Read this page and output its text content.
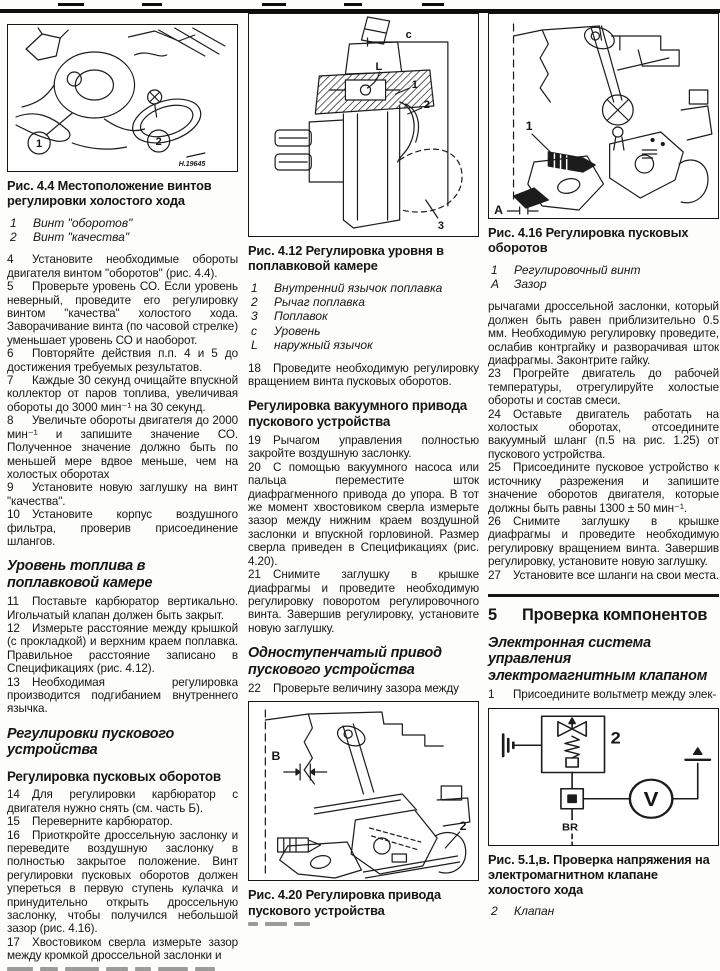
1	2
H.19645
Рис. 4.4 Местоположение винтов регулировки холостого хода
1	Винт "оборотов"
2	Винт "качества"

4 Установите необходимые обороты двигателя винтом "оборотов" (рис. 4.4).

5 Проверьте уровень СО. Если уровень неверный, проведите его регулировку винтом "качества" холостого хода. Заворачивание винта (по часовой стрелке) уменьшает уровень СО и наоборот.

6 Повторяйте действия п.п. 4 и 5 до достижения требуемых результатов.

7 Каждые 30 секунд очищайте впускной коллектор от паров топлива, увеличивая обороты до 3000 мин⁻¹ на 30 секунд.

8 Увеличьте обороты двигателя до 2000 мин⁻¹ и запишите значение СО. Полученное значение должно быть по меньшей мере вдвое меньше, чем на холостых оборотах

9 Установите новую заглушку на винт "качества".

10 Установите корпус воздушного фильтра, проверив присоединение шлангов.

Уровень топлива в поплавковой камере

11 Поставьте карбюратор вертикально. Игольчатый клапан должен быть закрыт.

12 Измерьте расстояние между крышкой (с прокладкой) и верхним краем поплавка. Правильное расстояние записано в Спецификациях (рис. 4.12).

13 Необходимая регулировка производится подгибанием внутреннего язычка.

Регулировки пускового устройства
Регулировка пусковых оборотов

14 Для регулировки карбюратор с двигателя нужно снять (см. часть Б).

15 Переверните карбюратор.

16 Приоткройте дроссельную заслонку и переведите воздушную заслонку в полностью закрытое положение. Винт регулировки пусковых оборотов должен упереться в первую ступень кулачка и принудительно открыть дроссельную заслонку, чтобы получился небольшой зазор (рис. 4.16).

17 Хвостовиком сверла измерьте зазор между кромкой дроссельной заслонки и

c
L
1
2
3
Рис. 4.12 Регулировка уровня в поплавковой камере
1	Внутренний язычок поплавка
2	Рычаг поплавка
3	Поплавок
c	Уровень
L	наружный язычок

18 Проведите необходимую регулировку вращением винта пусковых оборотов.

Регулировка вакуумного привода пускового устройства

19 Рычагом управления полностью закройте воздушную заслонку.

20 С помощью вакуумного насоса или пальца переместите шток диафрагменного привода до упора. В тот же момент хвостовиком сверла измерьте зазор между нижним краем воздушной заслонки и впускной горловиной. Размер сверла приведен в Спецификациях (рис. 4.20).

21 Снимите заглушку в крышке диафрагмы и проведите необходимую регулировку поворотом регулировочного винта. Завершив регулировку, установите новую заглушку.

Одноступенчатый привод пускового устройства

22 Проверьте величину зазора между

B
2
Рис. 4.20 Регулировка привода пускового устройства
1
А
Рис. 4.16 Регулировка пусковых оборотов
1	Регулировочный винт
А	Зазор

рычагами дроссельной заслонки, который должен быть равен приблизительно 0.5 мм. Необходимую регулировку проведите, ослабив контргайку и разворачивая шток диафрагмы. Законтрите гайку.

23 Прогрейте двигатель до рабочей температуры, отрегулируйте холостые обороты и состав смеси.

24 Оставьте двигатель работать на холостых оборотах, отсоедините вакуумный шланг (п.5 на рис. 1.25) от пускового устройства.

25 Присоедините пусковое устройство к источнику разрежения и запишите значение оборотов двигателя, которые должны быть равны 1300 ± 50 мин⁻¹.

26 Снимите заглушку в крышке диафрагмы и проведите необходимую регулировку вращением винта. Завершив регулировку, установите новую заглушку.

27 Установите все шланги на свои места.

5	Проверка компонентов
Электронная система управления электромагнитным клапаном

1 Присоедините вольтметр между элек-

2
V
BR
Рис. 5.1,в. Проверка напряжения на электромагнитном клапане холостого хода
2	Клапан
